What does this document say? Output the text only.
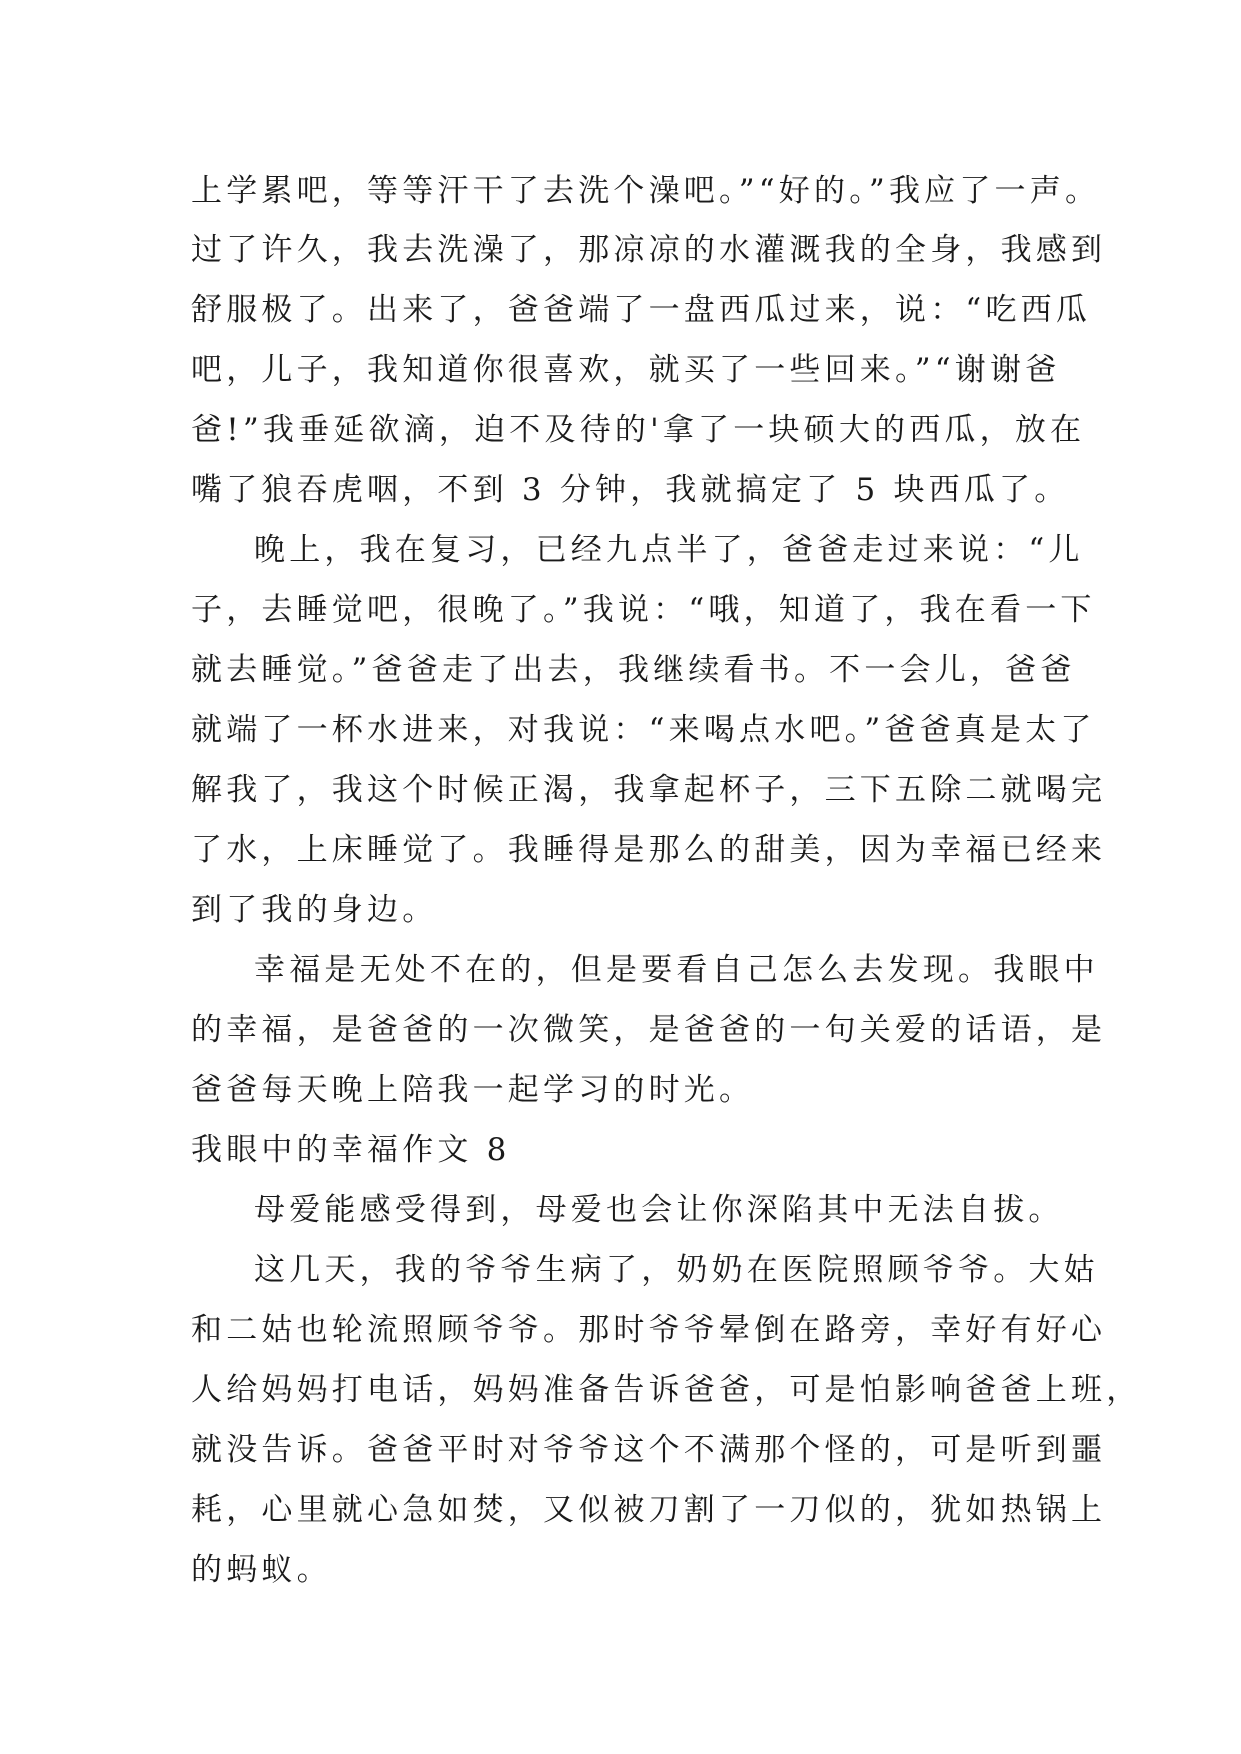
上学累吧，等等汗干了去洗个澡吧。”“好的。”我应了一声。
过了许久，我去洗澡了，那凉凉的水灌溉我的全身，我感到
舒服极了。出来了，爸爸端了一盘西瓜过来，说：“吃西瓜
吧，儿子，我知道你很喜欢，就买了一些回来。”“谢谢爸
爸!”我垂延欲滴，迫不及待的'拿了一块硕大的西瓜，放在
嘴了狼吞虎咽，不到 3 分钟，我就搞定了 5 块西瓜了。
晚上，我在复习，已经九点半了，爸爸走过来说：“儿
子，去睡觉吧，很晚了。”我说：“哦，知道了，我在看一下
就去睡觉。”爸爸走了出去，我继续看书。不一会儿，爸爸
就端了一杯水进来，对我说：“来喝点水吧。”爸爸真是太了
解我了，我这个时候正渴，我拿起杯子，三下五除二就喝完
了水，上床睡觉了。我睡得是那么的甜美，因为幸福已经来
到了我的身边。
幸福是无处不在的，但是要看自己怎么去发现。我眼中
的幸福，是爸爸的一次微笑，是爸爸的一句关爱的话语，是
爸爸每天晚上陪我一起学习的时光。
我眼中的幸福作文 8
母爱能感受得到，母爱也会让你深陷其中无法自拔。
这几天，我的爷爷生病了，奶奶在医院照顾爷爷。大姑
和二姑也轮流照顾爷爷。那时爷爷晕倒在路旁，幸好有好心
人给妈妈打电话，妈妈准备告诉爸爸，可是怕影响爸爸上班，
就没告诉。爸爸平时对爷爷这个不满那个怪的，可是听到噩
耗，心里就心急如焚，又似被刀割了一刀似的，犹如热锅上
的蚂蚁。
